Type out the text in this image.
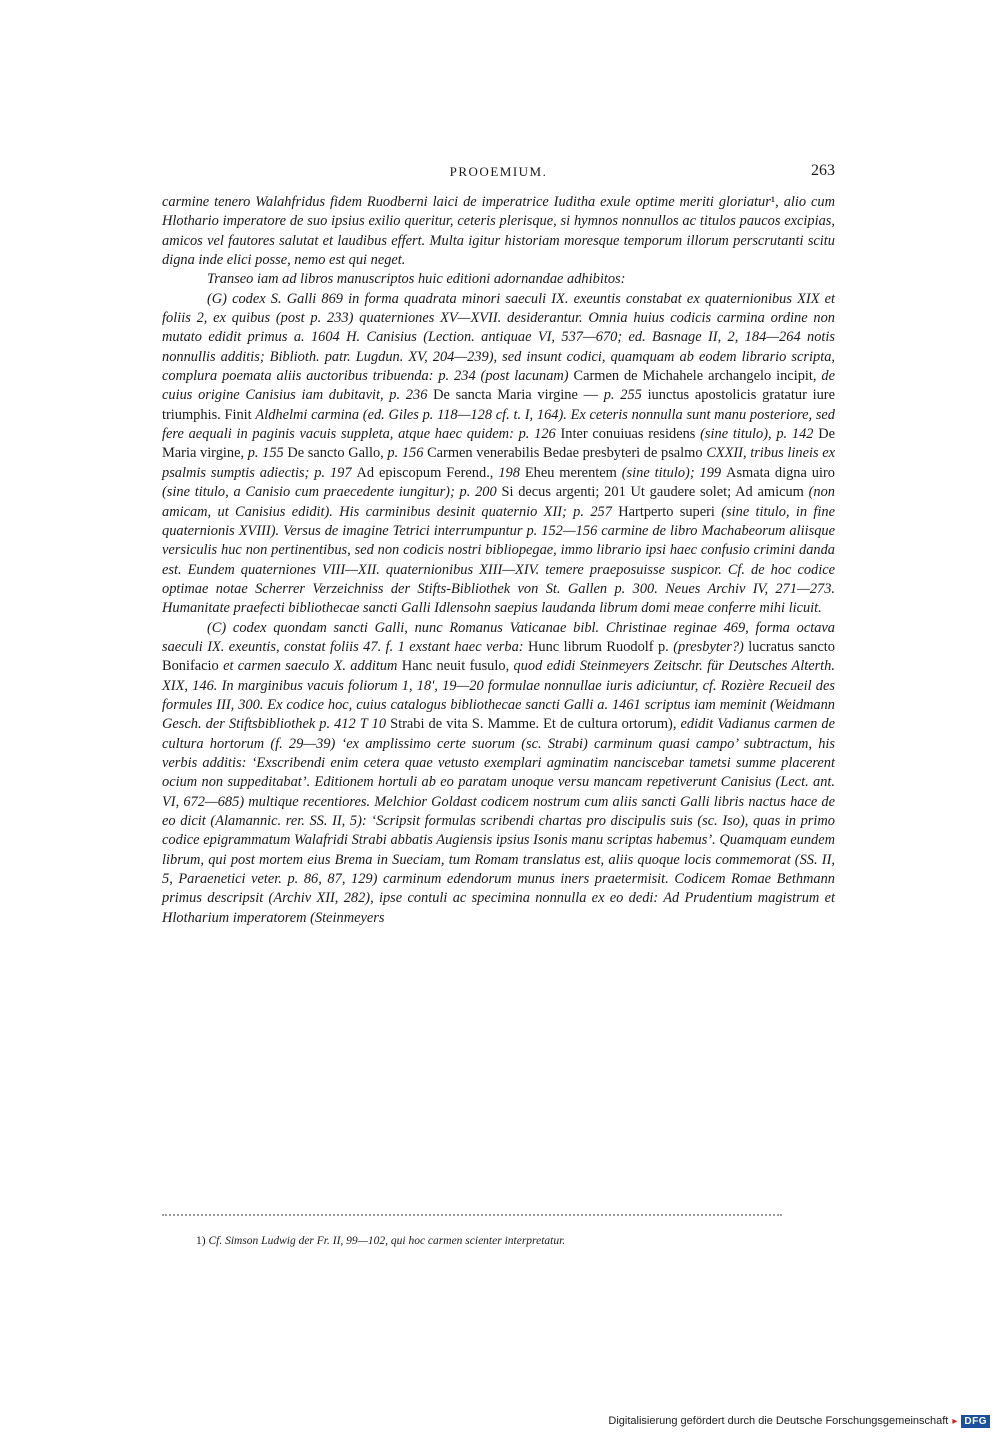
PROOEMIUM.	263

carmine tenero Walahfridus fidem Ruodberni laici de imperatrice Iuditha exule optime meriti gloriatur¹, alio cum Hlothario imperatore de suo ipsius exilio queritur, ceteris plerisque, si hymnos nonnullos ac titulos paucos excipias, amicos vel fautores salutat et laudibus effert. Multa igitur historiam moresque temporum illorum perscrutanti scitu digna inde elici posse, nemo est qui neget.

Transeo iam ad libros manuscriptos huic editioni adornandae adhibitos:

(G) codex S. Galli 869 in forma quadrata minori saeculi IX. exeuntis constabat ex quaternionibus XIX et foliis 2, ex quibus (post p. 233) quaterniones XV—XVII. desiderantur. Omnia huius codicis carmina ordine non mutato edidit primus a. 1604 H. Canisius (Lection. antiquae VI, 537—670; ed. Basnage II, 2, 184—264 notis nonnullis additis; Biblioth. patr. Lugdun. XV, 204—239), sed insunt codici, quamquam ab eodem librario scripta, complura poemata aliis auctoribus tribuenda: p. 234 (post lacunam) Carmen de Michahele archangelo incipit, de cuius origine Canisius iam dubitavit, p. 236 De sancta Maria virgine — p. 255 iunctus apostolicis gratatur iure triumphis. Finit Aldhelmi carmina (ed. Giles p. 118—128 cf. t. I, 164). Ex ceteris nonnulla sunt manu posteriore, sed fere aequali in paginis vacuis suppleta, atque haec quidem: p. 126 Inter conuiuas residens (sine titulo), p. 142 De Maria virgine, p. 155 De sancto Gallo, p. 156 Carmen venerabilis Bedae presbyteri de psalmo CXXII, tribus lineis ex psalmis sumptis adiectis; p. 197 Ad episcopum Ferend., 198 Eheu merentem (sine titulo); 199 Asmata digna uiro (sine titulo, a Canisio cum praecedente iungitur); p. 200 Si decus argenti; 201 Ut gaudere solet; Ad amicum (non amicam, ut Canisius edidit). His carminibus desinit quaternio XII; p. 257 Hartperto superi (sine titulo, in fine quaternionis XVIII). Versus de imagine Tetrici interrumpuntur p. 152—156 carmine de libro Machabeorum aliisque versiculis huc non pertinentibus, sed non codicis nostri bibliopegae, immo librario ipsi haec confusio crimini danda est. Eundem quaterniones VIII—XII. quaternionibus XIII—XIV. temere praeposuisse suspicor. Cf. de hoc codice optimae notae Scherrer Verzeichniss der Stifts-Bibliothek von St. Gallen p. 300. Neues Archiv IV, 271—273. Humanitate praefecti bibliothecae sancti Galli Idlensohn saepius laudanda librum domi meae conferre mihi licuit.

(C) codex quondam sancti Galli, nunc Romanus Vaticanae bibl. Christinae reginae 469, forma octava saeculi IX. exeuntis, constat foliis 47. f. 1 exstant haec verba: Hunc librum Ruodolf p. (presbyter?) lucratus sancto Bonifacio et carmen saeculo X. additum Hanc neuit fusulo, quod edidi Steinmeyers Zeitschr. für Deutsches Alterth. XIX, 146. In marginibus vacuis foliorum 1, 18', 19—20 formulae nonnullae iuris adiciuntur, cf. Rozière Recueil des formules III, 300. Ex codice hoc, cuius catalogus bibliothecae sancti Galli a. 1461 scriptus iam meminit (Weidmann Gesch. der Stiftsbibliothek p. 412 T 10 Strabi de vita S. Mamme. Et de cultura ortorum), edidit Vadianus carmen de cultura hortorum (f. 29—39) ‘ex amplissimo certe suorum (sc. Strabi) carminum quasi campo’ subtractum, his verbis additis: ‘Exscribendi enim cetera quae vetusto exemplari agminatim nanciscebar tametsi summe placerent ocium non suppeditabat’. Editionem hortuli ab eo paratam unoque versu mancam repetiverunt Canisius (Lect. ant. VI, 672—685) multique recentiores. Melchior Goldast codicem nostrum cum aliis sancti Galli libris nactus hace de eo dicit (Alamannic. rer. SS. II, 5): ‘Scripsit formulas scribendi chartas pro discipulis suis (sc. Iso), quas in primo codice epigrammatum Walafridi Strabi abbatis Augiensis ipsius Isonis manu scriptas habemus’. Quamquam eundem librum, qui post mortem eius Brema in Sueciam, tum Romam translatus est, aliis quoque locis commemorat (SS. II, 5, Paraenetici veter. p. 86, 87, 129) carminum edendorum munus iners praetermisit. Codicem Romae Bethmann primus descripsit (Archiv XII, 282), ipse contuli ac specimina nonnulla ex eo dedi: Ad Prudentium magistrum et Hlotharium imperatorem (Steinmeyers

1) Cf. Simson Ludwig der Fr. II, 99—102, qui hoc carmen scienter interpretatur.
Digitalisierung gefördert durch die Deutsche Forschungsgemeinschaft ▸ DFG
